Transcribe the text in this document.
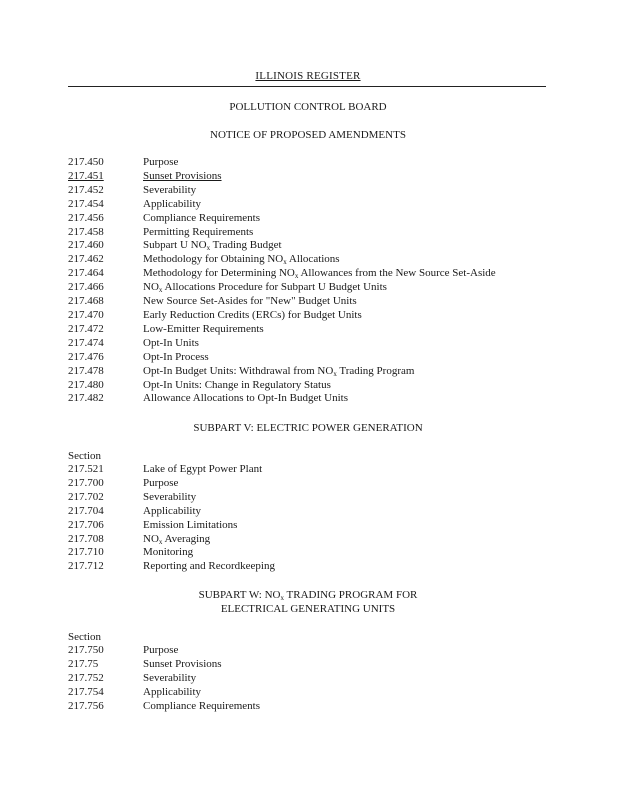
ILLINOIS REGISTER
POLLUTION CONTROL BOARD
NOTICE OF PROPOSED AMENDMENTS
217.450	Purpose
217.451	Sunset Provisions
217.452	Severability
217.454	Applicability
217.456	Compliance Requirements
217.458	Permitting Requirements
217.460	Subpart U $NO_x$ Trading Budget
217.462	Methodology for Obtaining $NO_x$ Allocations
217.464	Methodology for Determining $NO_x$ Allowances from the New Source Set-Aside
217.466	$NO_x$ Allocations Procedure for Subpart U Budget Units
217.468	New Source Set-Asides for "New" Budget Units
217.470	Early Reduction Credits (ERCs) for Budget Units
217.472	Low-Emitter Requirements
217.474	Opt-In Units
217.476	Opt-In Process
217.478	Opt-In Budget Units: Withdrawal from $NO_x$ Trading Program
217.480	Opt-In Units: Change in Regulatory Status
217.482	Allowance Allocations to Opt-In Budget Units
SUBPART V: ELECTRIC POWER GENERATION
Section
217.521	Lake of Egypt Power Plant
217.700	Purpose
217.702	Severability
217.704	Applicability
217.706	Emission Limitations
217.708	$NO_x$ Averaging
217.710	Monitoring
217.712	Reporting and Recordkeeping
SUBPART W: $NO_x$ TRADING PROGRAM FOR
ELECTRICAL GENERATING UNITS
Section
217.750	Purpose
217.75	Sunset Provisions
217.752	Severability
217.754	Applicability
217.756	Compliance Requirements
